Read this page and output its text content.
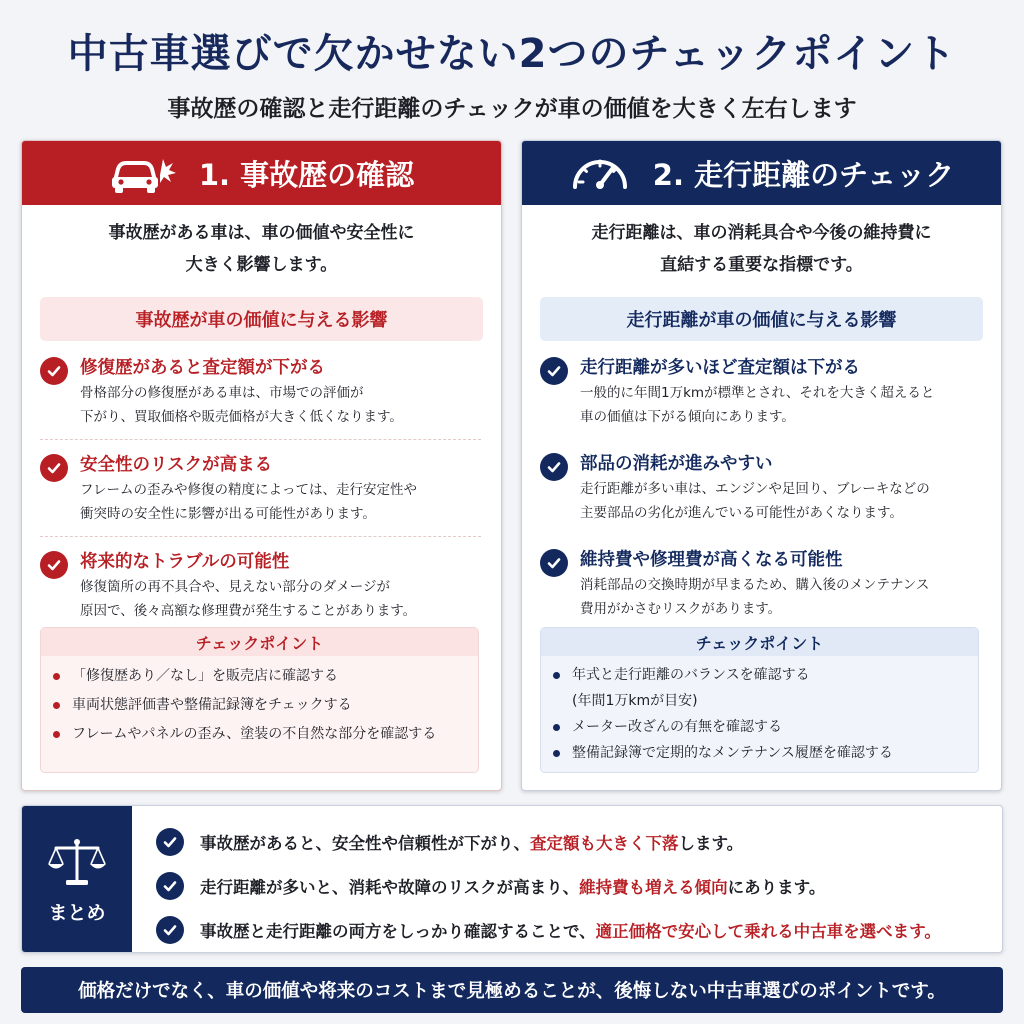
中古車選びで欠かせない2つのチェックポイント
事故歴の確認と走行距離のチェックが車の価値を大きく左右します
1. 事故歴の確認
事故歴がある車は、車の価値や安全性に
大きく影響します。
事故歴が車の価値に与える影響
修復歴があると査定額が下がる
骨格部分の修復歴がある車は、市場での評価が
下がり、買取価格や販売価格が大きく低くなります。
安全性のリスクが高まる
フレームの歪みや修復の精度によっては、走行安定性や
衝突時の安全性に影響が出る可能性があります。
将来的なトラブルの可能性
修復箇所の再不具合や、見えない部分のダメージが
原因で、後々高額な修理費が発生することがあります。
チェックポイント
「修復歴あり／なし」を販売店に確認する
車両状態評価書や整備記録簿をチェックする
フレームやパネルの歪み、塗装の不自然な部分を確認する
2. 走行距離のチェック
走行距離は、車の消耗具合や今後の維持費に
直結する重要な指標です。
走行距離が車の価値に与える影響
走行距離が多いほど査定額は下がる
一般的に年間1万kmが標準とされ、それを大きく超えると
車の価値は下がる傾向にあります。
部品の消耗が進みやすい
走行距離が多い車は、エンジンや足回り、ブレーキなどの
主要部品の劣化が進んでいる可能性があくなります。
維持費や修理費が高くなる可能性
消耗部品の交換時期が早まるため、購入後のメンテナンス
費用がかさむリスクがあります。
チェックポイント
年式と走行距離のバランスを確認する
(年間1万kmが目安)
メーター改ざんの有無を確認する
整備記録簿で定期的なメンテナンス履歴を確認する
まとめ
事故歴があると、安全性や信頼性が下がり、 査定額も大きく下落 します。
走行距離が多いと、消耗や故障のリスクが高まり、 維持費も増える傾向 にあります。
事故歴と走行距離の両方をしっかり確認することで、 適正価格で安心して乗れる中古車を選べます。
価格だけでなく、車の価値や将来のコストまで見極めることが、後悔しない中古車選びのポイントです。
